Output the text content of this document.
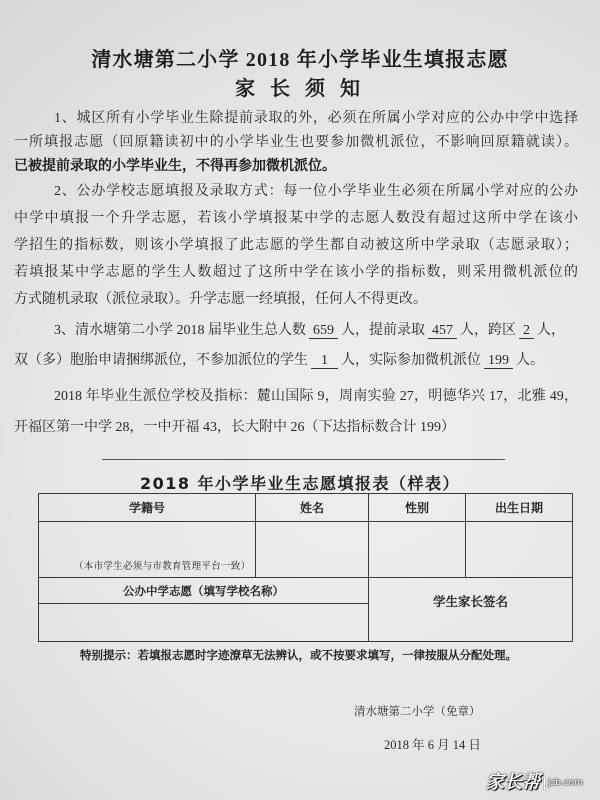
清水塘第二小学 2018 年小学毕业生填报志愿
家 长 须 知
1、城区所有小学毕业生除提前录取的外，必须在所属小学对应的公办中学中选择
一所填报志愿（回原籍读初中的小学毕业生也要参加微机派位，不影响回原籍就读）。
已被提前录取的小学毕业生，不得再参加微机派位。
2、公办学校志愿填报及录取方式：每一位小学毕业生必须在所属小学对应的公办
中学中填报一个升学志愿，若该小学填报某中学的志愿人数没有超过这所中学在该小
学招生的指标数，则该小学填报了此志愿的学生都自动被这所中学录取（志愿录取）；
若填报某中学志愿的学生人数超过了这所中学在该小学的指标数，则采用微机派位的
方式随机录取（派位录取）。升学志愿一经填报，任何人不得更改。
3、清水塘第二小学 2018 届毕业生总人数 659 人，提前录取 457 人，跨区 2 人，
双（多）胞胎申请捆绑派位，不参加派位的学生 1 人，实际参加微机派位 199 人。
2018 年毕业生派位学校及指标：麓山国际 9，周南实验 27，明德华兴 17，北雅 49，
开福区第一中学 28，一中开福 43，长大附中 26（下达指标数合计 199）
2018 年小学毕业生志愿填报表（样表）
学籍号	姓名	性别	出生日期

（本市学生必须与市教育管理平台一致）			

公办中学志愿（填写学校名称）		学生家长签名	

特别提示：若填报志愿时字迹潦草无法辨认，或不按要求填写，一律按服从分配处理。
清水塘第二小学（免章）
2018 年 6 月 14 日
家长帮 jzb.com
